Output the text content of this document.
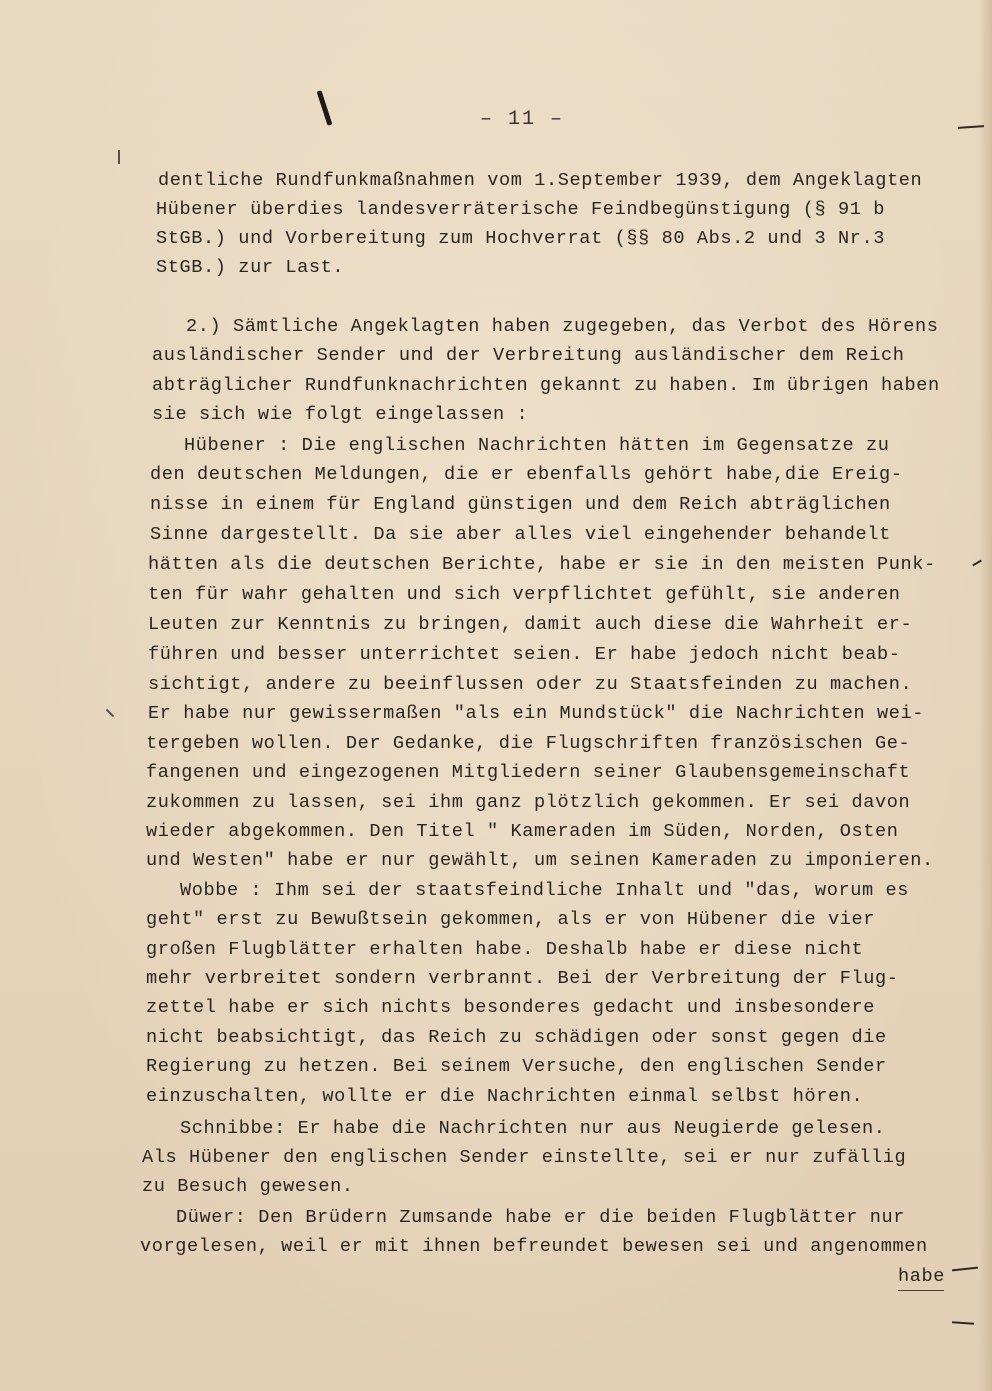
– 11 –
dentliche Rundfunkmaßnahmen vom 1.September 1939, dem Angeklagten
Hübener überdies landesverräterische Feindbegünstigung (§ 91 b
StGB.) und Vorbereitung zum Hochverrat (§§ 80 Abs.2 und 3 Nr.3
StGB.) zur Last.
2.) Sämtliche Angeklagten haben zugegeben, das Verbot des Hörens
ausländischer Sender und der Verbreitung ausländischer dem Reich
abträglicher Rundfunknachrichten gekannt zu haben. Im übrigen haben
sie sich wie folgt eingelassen :
Hübener : Die englischen Nachrichten hätten im Gegensatze zu
den deutschen Meldungen, die er ebenfalls gehört habe,die Ereig-
nisse in einem für England günstigen und dem Reich abträglichen
Sinne dargestellt. Da sie aber alles viel eingehender behandelt
hätten als die deutschen Berichte, habe er sie in den meisten Punk-
ten für wahr gehalten und sich verpflichtet gefühlt, sie anderen
Leuten zur Kenntnis zu bringen, damit auch diese die Wahrheit er-
führen und besser unterrichtet seien. Er habe jedoch nicht beab-
sichtigt, andere zu beeinflussen oder zu Staatsfeinden zu machen.
Er habe nur gewissermaßen "als ein Mundstück" die Nachrichten wei-
tergeben wollen. Der Gedanke, die Flugschriften französischen Ge-
fangenen und eingezogenen Mitgliedern seiner Glaubensgemeinschaft
zukommen zu lassen, sei ihm ganz plötzlich gekommen. Er sei davon
wieder abgekommen. Den Titel " Kameraden im Süden, Norden, Osten
und Westen" habe er nur gewählt, um seinen Kameraden zu imponieren.
Wobbe : Ihm sei der staatsfeindliche Inhalt und "das, worum es
geht" erst zu Bewußtsein gekommen, als er von Hübener die vier
großen Flugblätter erhalten habe. Deshalb habe er diese nicht
mehr verbreitet sondern verbrannt. Bei der Verbreitung der Flug-
zettel habe er sich nichts besonderes gedacht und insbesondere
nicht beabsichtigt, das Reich zu schädigen oder sonst gegen die
Regierung zu hetzen. Bei seinem Versuche, den englischen Sender
einzuschalten, wollte er die Nachrichten einmal selbst hören.
Schnibbe: Er habe die Nachrichten nur aus Neugierde gelesen.
Als Hübener den englischen Sender einstellte, sei er nur zufällig
zu Besuch gewesen.
Düwer: Den Brüdern Zumsande habe er die beiden Flugblätter nur
vorgelesen, weil er mit ihnen befreundet bewesen sei und angenommen
habe
